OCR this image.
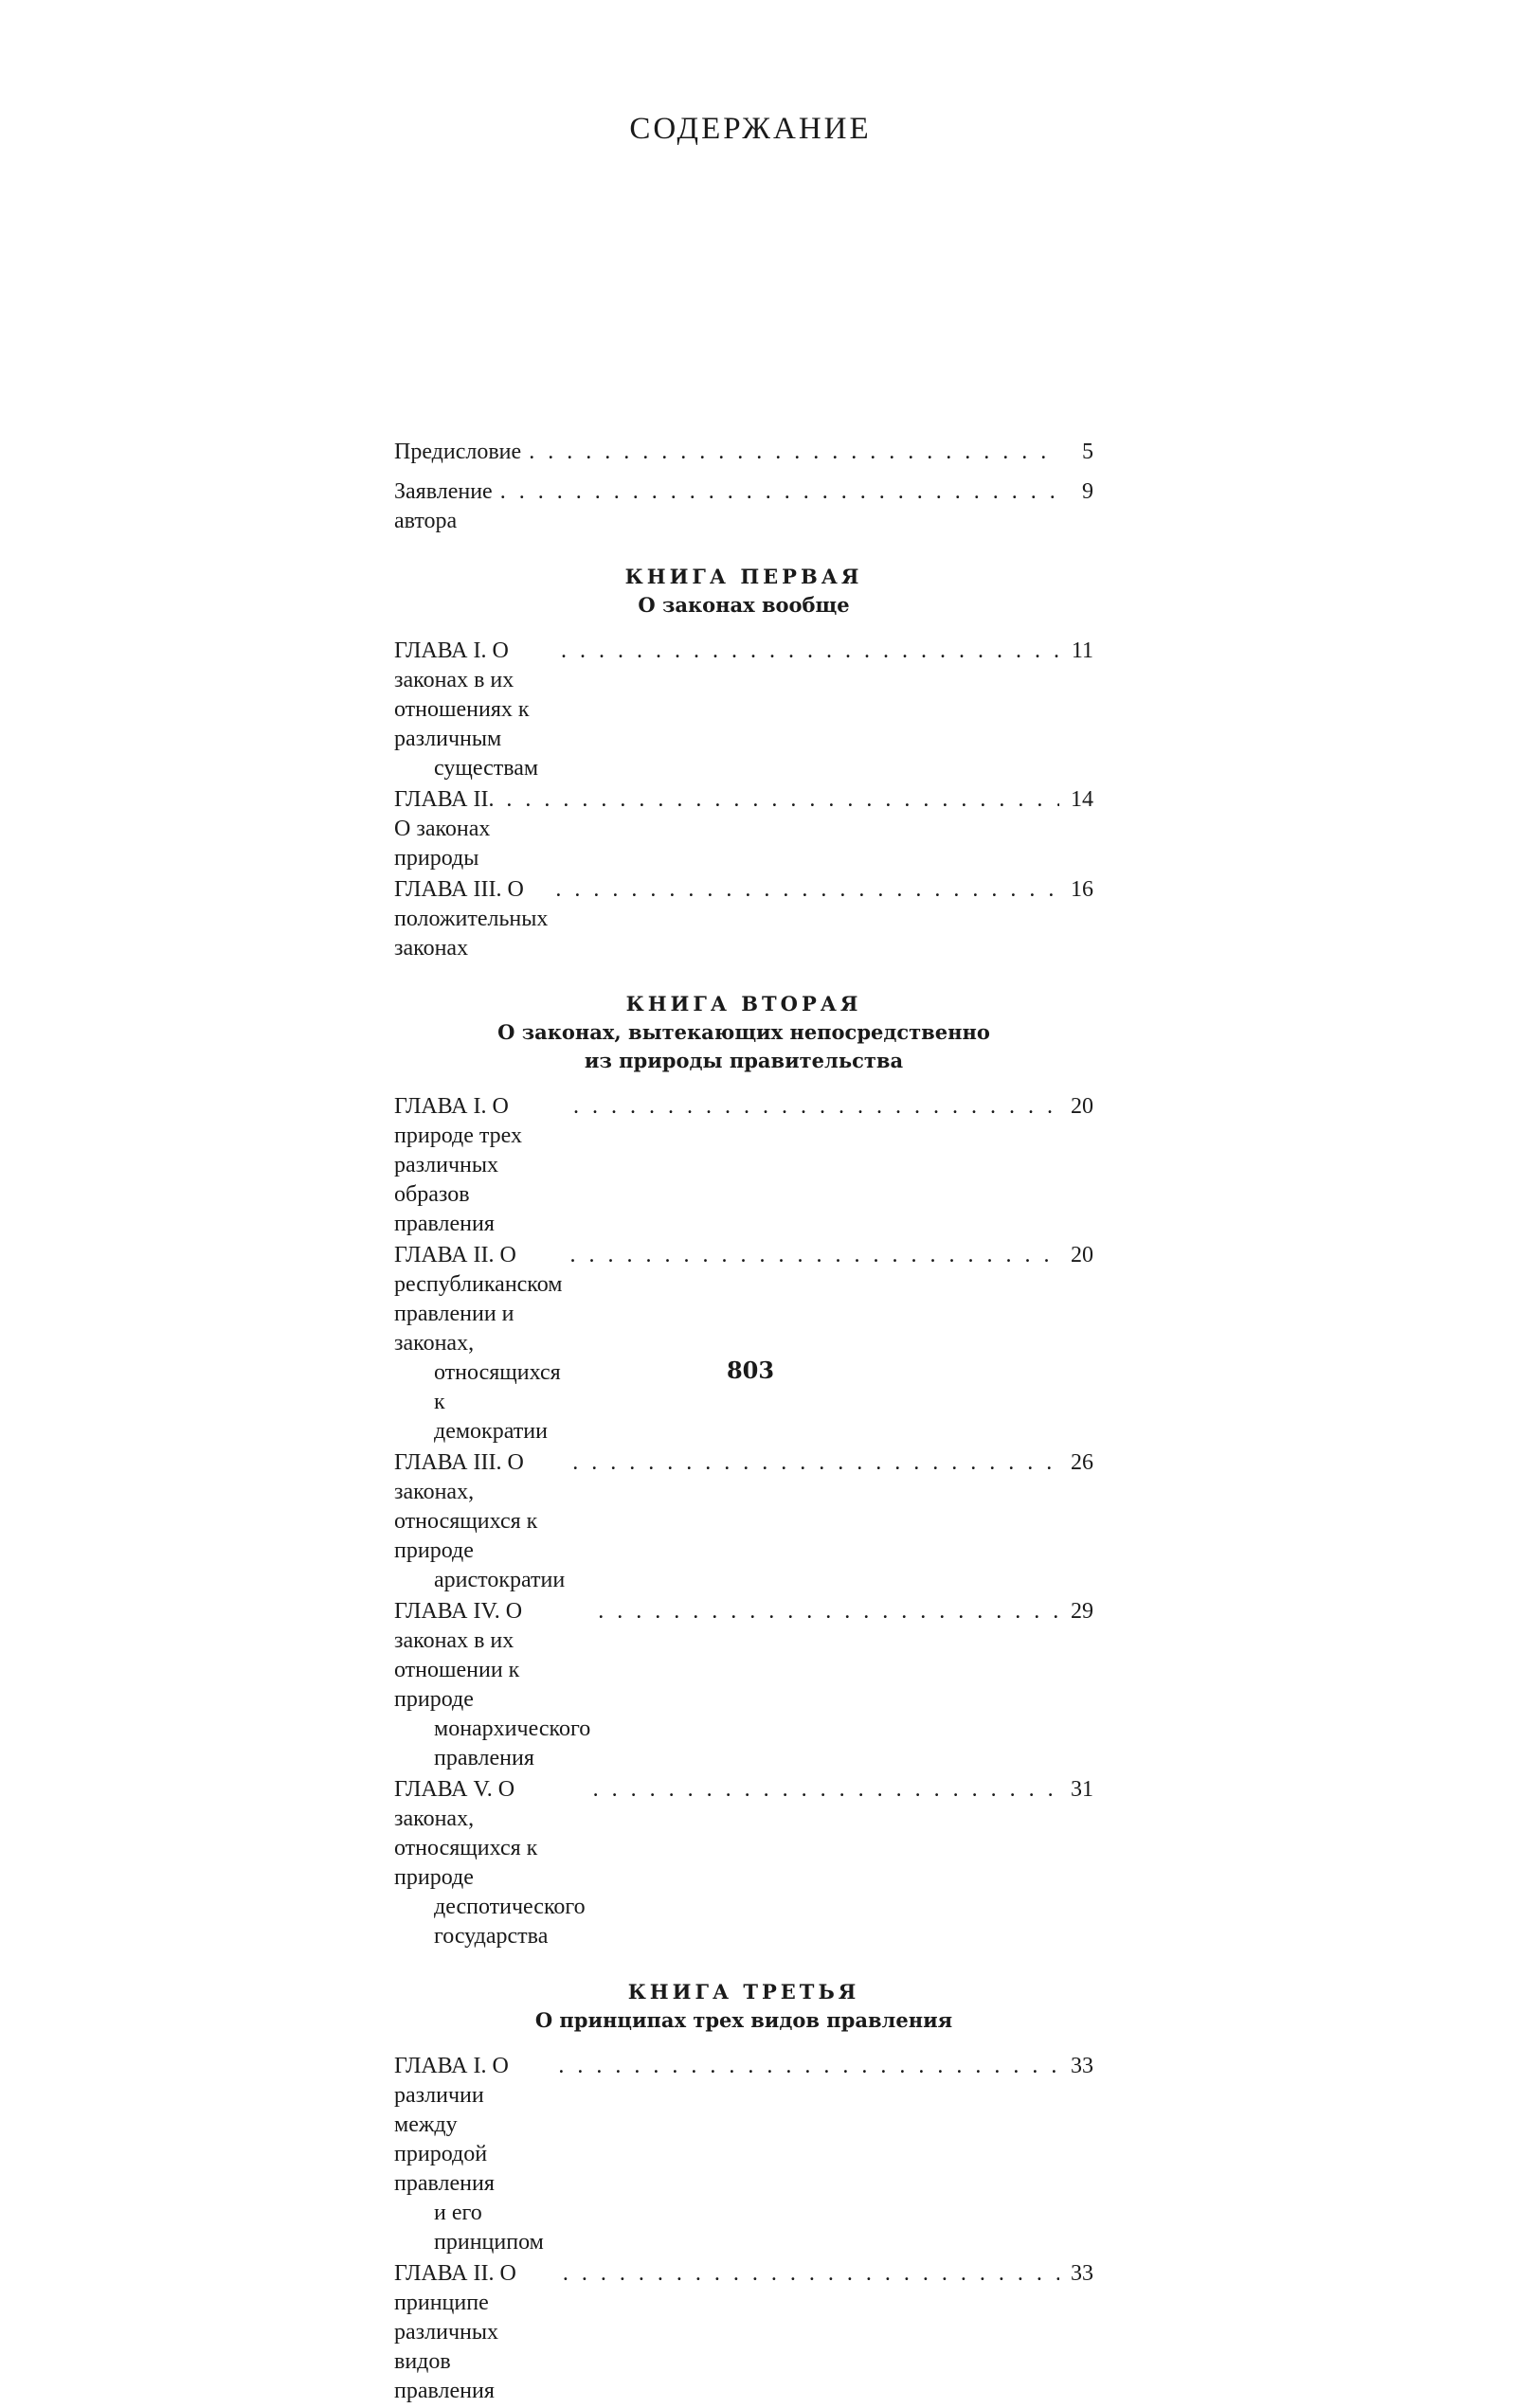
СОДЕРЖАНИЕ
Предисловие
. . .	5
Заявление автора
. . .
9
КНИГА ПЕРВАЯ
О законах вообще
ГЛАВА I. О законах в их отношениях к различным
существам
. . .
11
ГЛАВА II. О законах природы
. . .
14
ГЛАВА III. О положительных законах
. . .
16
КНИГА ВТОРАЯ
О законах, вытекающих непосредственно
из природы правительства
ГЛАВА I. О природе трех различных образов правления
. . .
20
ГЛАВА II. О республиканском правлении и законах,
относящихся к демократии
. . .
20
ГЛАВА III. О законах, относящихся к природе
аристократии
. . .
26
ГЛАВА IV. О законах в их отношении к природе
монархического правления
. . .
29
ГЛАВА V. О законах, относящихся к природе
деспотического государства
. . .
31
КНИГА ТРЕТЬЯ
О принципах трех видов правления
ГЛАВА I. О различии между природой правления
и его принципом
. . .
33
ГЛАВА II. О принципе различных видов правления
. . .
33
803
